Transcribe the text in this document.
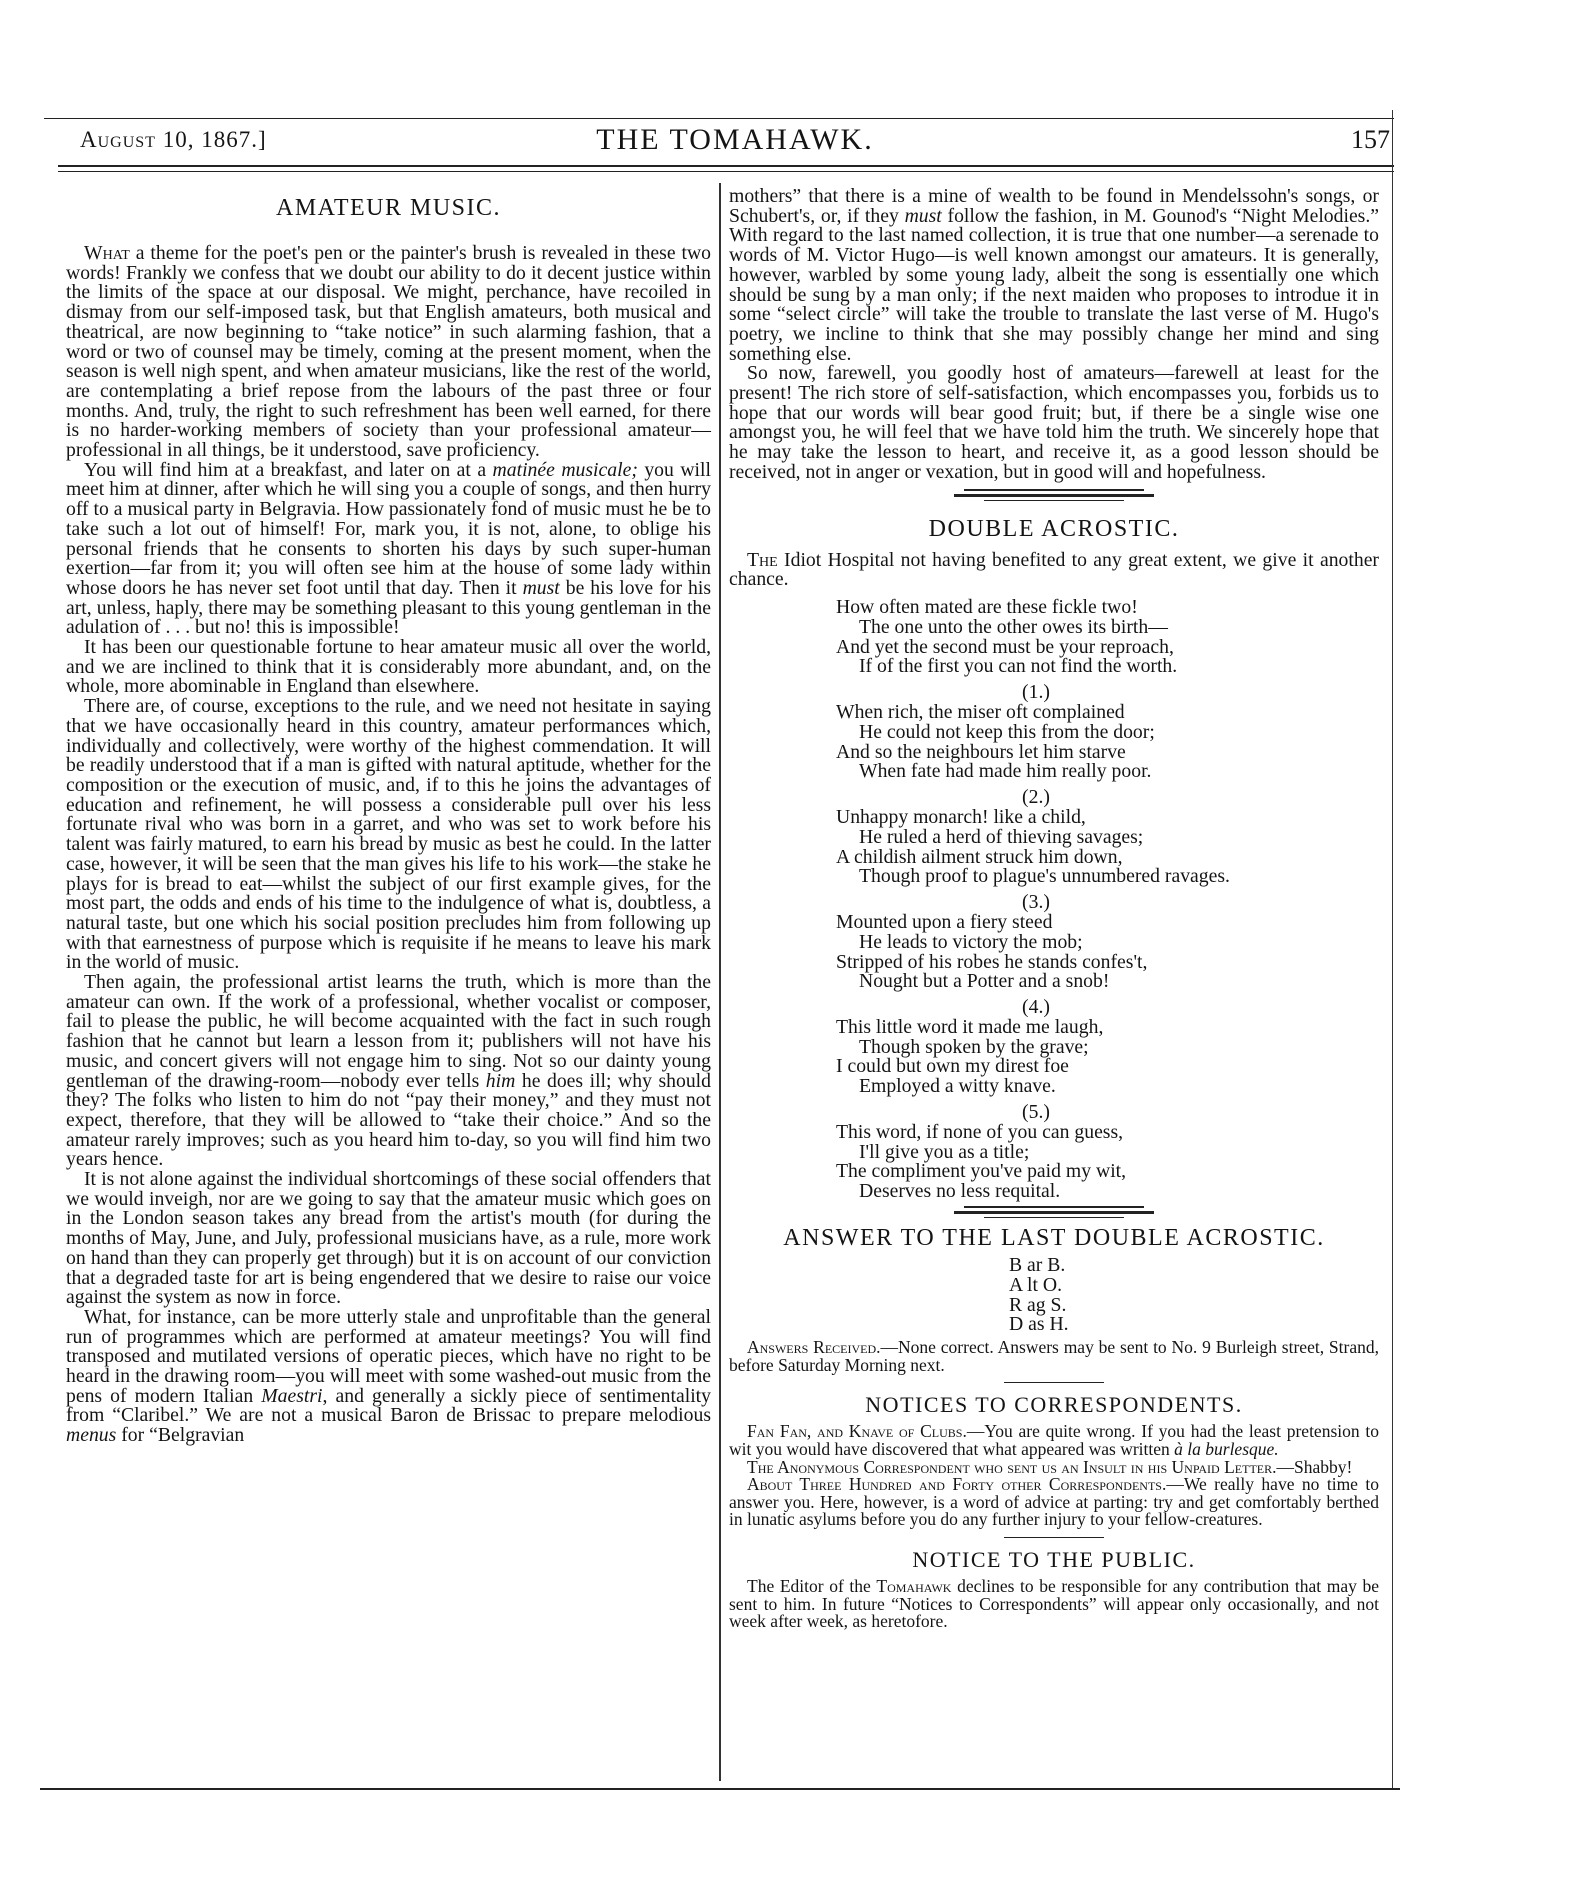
August 10, 1867.]	THE TOMAHAWK.	157
AMATEUR MUSIC.

What a theme for the poet's pen or the painter's brush is revealed in these two words! Frankly we confess that we doubt our ability to do it decent justice within the limits of the space at our disposal. We might, perchance, have recoiled in dismay from our self-imposed task, but that English amateurs, both musical and theatrical, are now beginning to “take notice” in such alarming fashion, that a word or two of counsel may be timely, coming at the present moment, when the season is well nigh spent, and when amateur musicians, like the rest of the world, are contemplating a brief repose from the labours of the past three or four months. And, truly, the right to such refreshment has been well earned, for there is no harder-working members of society than your professional amateur—professional in all things, be it understood, save proficiency.

You will find him at a breakfast, and later on at a matinée musicale; you will meet him at dinner, after which he will sing you a couple of songs, and then hurry off to a musical party in Belgravia. How passionately fond of music must he be to take such a lot out of himself! For, mark you, it is not, alone, to oblige his personal friends that he consents to shorten his days by such super-human exertion—far from it; you will often see him at the house of some lady within whose doors he has never set foot until that day. Then it must be his love for his art, unless, haply, there may be something pleasant to this young gentleman in the adulation of . . . but no! this is impossible!

It has been our questionable fortune to hear amateur music all over the world, and we are inclined to think that it is considerably more abundant, and, on the whole, more abominable in England than elsewhere.

There are, of course, exceptions to the rule, and we need not hesitate in saying that we have occasionally heard in this country, amateur performances which, individually and collectively, were worthy of the highest commendation. It will be readily understood that if a man is gifted with natural aptitude, whether for the composition or the execution of music, and, if to this he joins the advantages of education and refinement, he will possess a considerable pull over his less fortunate rival who was born in a garret, and who was set to work before his talent was fairly matured, to earn his bread by music as best he could. In the latter case, however, it will be seen that the man gives his life to his work—the stake he plays for is bread to eat—whilst the subject of our first example gives, for the most part, the odds and ends of his time to the indulgence of what is, doubtless, a natural taste, but one which his social position precludes him from following up with that earnestness of purpose which is requisite if he means to leave his mark in the world of music.

Then again, the professional artist learns the truth, which is more than the amateur can own. If the work of a professional, whether vocalist or composer, fail to please the public, he will become acquainted with the fact in such rough fashion that he cannot but learn a lesson from it; publishers will not have his music, and concert givers will not engage him to sing. Not so our dainty young gentleman of the drawing-room—nobody ever tells him he does ill; why should they? The folks who listen to him do not “pay their money,” and they must not expect, therefore, that they will be allowed to “take their choice.” And so the amateur rarely improves; such as you heard him to-day, so you will find him two years hence.

It is not alone against the individual shortcomings of these social offenders that we would inveigh, nor are we going to say that the amateur music which goes on in the London season takes any bread from the artist's mouth (for during the months of May, June, and July, professional musicians have, as a rule, more work on hand than they can properly get through) but it is on account of our conviction that a degraded taste for art is being engendered that we desire to raise our voice against the system as now in force.

What, for instance, can be more utterly stale and unprofitable than the general run of programmes which are performed at amateur meetings? You will find transposed and mutilated versions of operatic pieces, which have no right to be heard in the drawing room—you will meet with some washed-out music from the pens of modern Italian Maestri, and generally a sickly piece of sentimentality from “Claribel.” We are not a musical Baron de Brissac to prepare melodious menus for “Belgravian

mothers” that there is a mine of wealth to be found in Mendelssohn's songs, or Schubert's, or, if they must follow the fashion, in M. Gounod's “Night Melodies.” With regard to the last named collection, it is true that one number—a serenade to words of M. Victor Hugo—is well known amongst our amateurs. It is generally, however, warbled by some young lady, albeit the song is essentially one which should be sung by a man only; if the next maiden who proposes to introdue it in some “select circle” will take the trouble to translate the last verse of M. Hugo's poetry, we incline to think that she may possibly change her mind and sing something else.

So now, farewell, you goodly host of amateurs—farewell at least for the present! The rich store of self-satisfaction, which encompasses you, forbids us to hope that our words will bear good fruit; but, if there be a single wise one amongst you, he will feel that we have told him the truth. We sincerely hope that he may take the lesson to heart, and receive it, as a good lesson should be received, not in anger or vexation, but in good will and hopefulness.

DOUBLE ACROSTIC.

The Idiot Hospital not having benefited to any great extent, we give it another chance.

How often mated are these fickle two!
The one unto the other owes its birth—
And yet the second must be your reproach,
If of the first you can not find the worth.
(1.)
When rich, the miser oft complained
He could not keep this from the door;
And so the neighbours let him starve
When fate had made him really poor.
(2.)
Unhappy monarch! like a child,
He ruled a herd of thieving savages;
A childish ailment struck him down,
Though proof to plague's unnumbered ravages.
(3.)
Mounted upon a fiery steed
He leads to victory the mob;
Stripped of his robes he stands confes't,
Nought but a Potter and a snob!
(4.)
This little word it made me laugh,
Though spoken by the grave;
I could but own my direst foe
Employed a witty knave.
(5.)
This word, if none of you can guess,
I'll give you as a title;
The compliment you've paid my wit,
Deserves no less requital.
ANSWER TO THE LAST DOUBLE ACROSTIC.
B ar B.
A lt O.
R ag S.
D as H.

Answers Received.—None correct. Answers may be sent to No. 9 Burleigh street, Strand, before Saturday Morning next.

NOTICES TO CORRESPONDENTS.

Fan Fan, and Knave of Clubs.—You are quite wrong. If you had the least pretension to wit you would have discovered that what appeared was written à la burlesque.

The Anonymous Correspondent who sent us an Insult in his Unpaid Letter.—Shabby!

About Three Hundred and Forty other Correspondents.—We really have no time to answer you. Here, however, is a word of advice at parting: try and get comfortably berthed in lunatic asylums before you do any further injury to your fellow-creatures.

NOTICE TO THE PUBLIC.

The Editor of the Tomahawk declines to be responsible for any contribution that may be sent to him. In future “Notices to Correspondents” will appear only occasionally, and not week after week, as heretofore.
